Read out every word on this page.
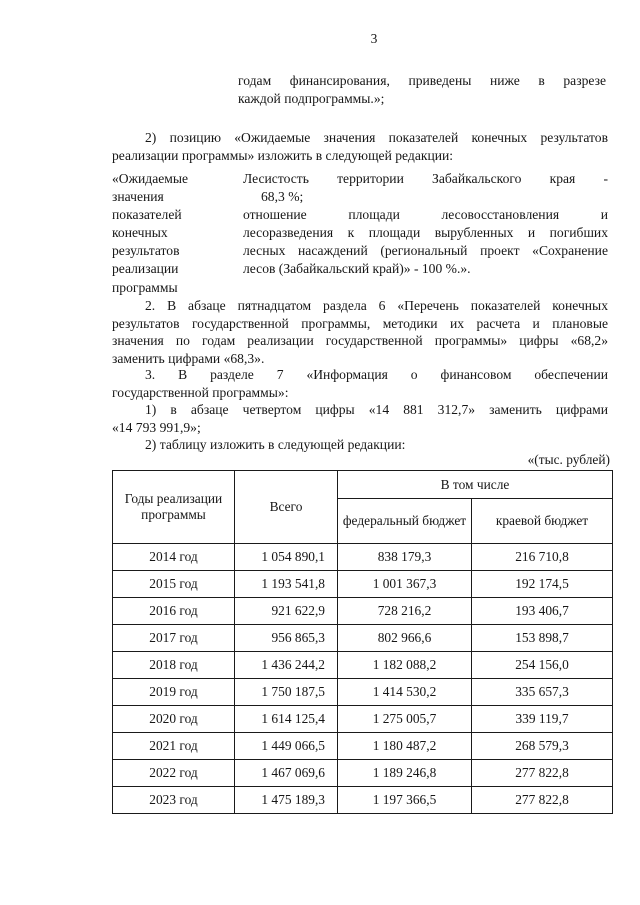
3
годам финансирования, приведены ниже в разрезе
каждой подпрограммы.»;
2) позицию «Ожидаемые значения показателей конечных результатов
реализации программы» изложить в следующей редакции:
«Ожидаемые
значения
показателей
конечных
результатов
реализации
программы
Лесистость территории Забайкальского края -
68,3 %;
отношение площади лесовосстановления и
лесоразведения к площади вырубленных и погибших
лесных насаждений (региональный проект «Сохранение
лесов (Забайкальский край)» - 100 %.».
2. В абзаце пятнадцатом раздела 6 «Перечень показателей конечных
результатов государственной программы, методики их расчета и плановые
значения по годам реализации государственной программы» цифры «68,2»
заменить цифрами «68,3».
3. В разделе 7 «Информация о финансовом обеспечении
государственной программы»:
1) в абзаце четвертом цифры «14 881 312,7» заменить цифрами
«14 793 991,9»;
2) таблицу изложить в следующей редакции:
«(тыс. рублей)
Годы реализации программы	Всего	В том числе	
		федеральный бюджет	краевой бюджет
2014 год	1 054 890,1	838 179,3	216 710,8
2015 год	1 193 541,8	1 001 367,3	192 174,5
2016 год	921 622,9	728 216,2	193 406,7
2017 год	956 865,3	802 966,6	153 898,7
2018 год	1 436 244,2	1 182 088,2	254 156,0
2019 год	1 750 187,5	1 414 530,2	335 657,3
2020 год	1 614 125,4	1 275 005,7	339 119,7
2021 год	1 449 066,5	1 180 487,2	268 579,3
2022 год	1 467 069,6	1 189 246,8	277 822,8
2023 год	1 475 189,3	1 197 366,5	277 822,8
